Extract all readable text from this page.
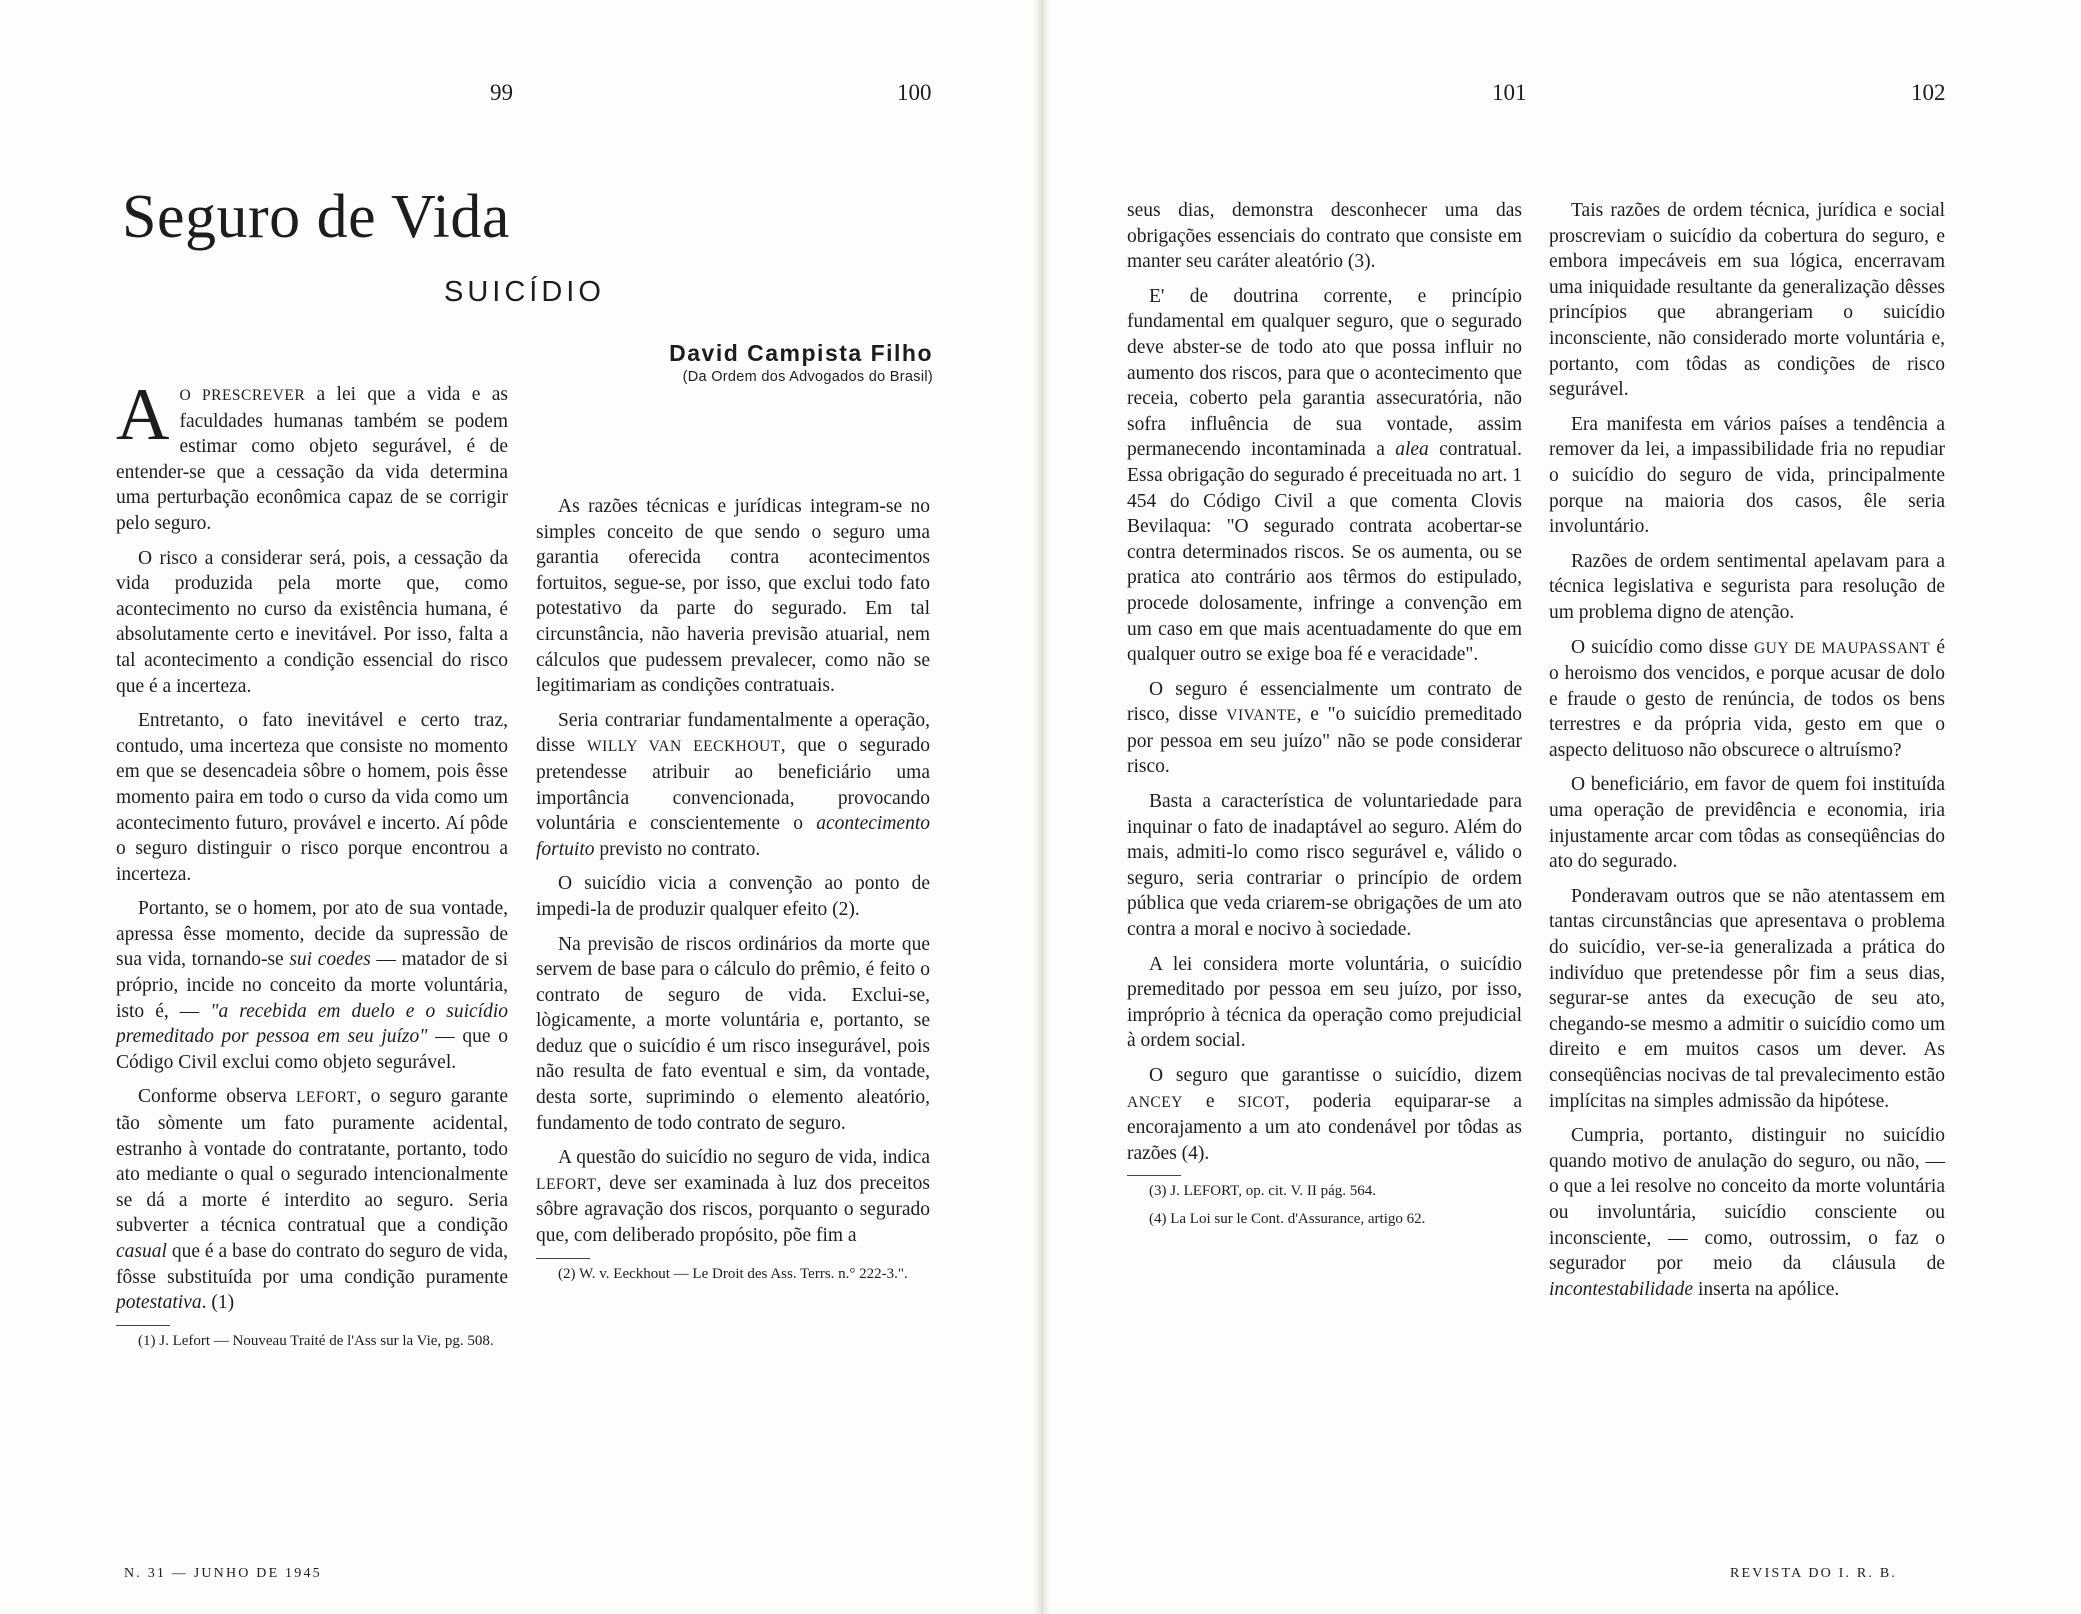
99	100	101	102
Seguro de Vida
SUICÍDIO
David Campista Filho
(Da Ordem dos Advogados do Brasil)

A O PRESCREVER a lei que a vida e as faculdades humanas também se podem estimar como objeto segurável, é de entender-se que a cessação da vida determina uma perturbação econômica capaz de se corrigir pelo seguro.

O risco a considerar será, pois, a cessação da vida produzida pela morte que, como acontecimento no curso da existência humana, é absolutamente certo e inevitável. Por isso, falta a tal acontecimento a condição essencial do risco que é a incerteza.

Entretanto, o fato inevitável e certo traz, contudo, uma incerteza que consiste no momento em que se desencadeia sôbre o homem, pois êsse momento paira em todo o curso da vida como um acontecimento futuro, provável e incerto. Aí pôde o seguro distinguir o risco porque encontrou a incerteza.

Portanto, se o homem, por ato de sua vontade, apressa êsse momento, decide da supressão de sua vida, tornando-se sui coedes — matador de si próprio, incide no conceito da morte voluntária, isto é, — "a recebida em duelo e o suicídio premeditado por pessoa em seu juízo" — que o Código Civil exclui como objeto segurável.

Conforme observa LEFORT, o seguro garante tão sòmente um fato puramente acidental, estranho à vontade do contratante, portanto, todo ato mediante o qual o segurado intencionalmente se dá a morte é interdito ao seguro. Seria subverter a técnica contratual que a condição casual que é a base do contrato do seguro de vida, fôsse substituída por uma condição puramente potestativa. (1)

(1) J. Lefort — Nouveau Traité de l'Ass sur la Vie, pg. 508.

As razões técnicas e jurídicas integram-se no simples conceito de que sendo o seguro uma garantia oferecida contra acontecimentos fortuitos, segue-se, por isso, que exclui todo fato potestativo da parte do segurado. Em tal circunstância, não haveria previsão atuarial, nem cálculos que pudessem prevalecer, como não se legitimariam as condições contratuais.

Seria contrariar fundamentalmente a operação, disse WILLY VAN EECKHOUT, que o segurado pretendesse atribuir ao beneficiário uma importância convencionada, provocando voluntária e conscientemente o acontecimento fortuito previsto no contrato.

O suicídio vicia a convenção ao ponto de impedi-la de produzir qualquer efeito (2).

Na previsão de riscos ordinários da morte que servem de base para o cálculo do prêmio, é feito o contrato de seguro de vida. Exclui-se, lògicamente, a morte voluntária e, portanto, se deduz que o suicídio é um risco insegurável, pois não resulta de fato eventual e sim, da vontade, desta sorte, suprimindo o elemento aleatório, fundamento de todo contrato de seguro.

A questão do suicídio no seguro de vida, indica LEFORT, deve ser examinada à luz dos preceitos sôbre agravação dos riscos, porquanto o segurado que, com deliberado propósito, põe fim a

(2) W. v. Eeckhout — Le Droit des Ass. Terrs. n.° 222-3.".

seus dias, demonstra desconhecer uma das obrigações essenciais do contrato que consiste em manter seu caráter aleatório (3).

E' de doutrina corrente, e princípio fundamental em qualquer seguro, que o segurado deve abster-se de todo ato que possa influir no aumento dos riscos, para que o acontecimento que receia, coberto pela garantia assecuratória, não sofra influência de sua vontade, assim permanecendo incontaminada a alea contratual. Essa obrigação do segurado é preceituada no art. 1 454 do Código Civil a que comenta Clovis Bevilaqua: "O segurado contrata acobertar-se contra determinados riscos. Se os aumenta, ou se pratica ato contrário aos têrmos do estipulado, procede dolosamente, infringe a convenção em um caso em que mais acentuadamente do que em qualquer outro se exige boa fé e veracidade".

O seguro é essencialmente um contrato de risco, disse VIVANTE, e "o suicídio premeditado por pessoa em seu juízo" não se pode considerar risco.

Basta a característica de voluntariedade para inquinar o fato de inadaptável ao seguro. Além do mais, admiti-lo como risco segurável e, válido o seguro, seria contrariar o princípio de ordem pública que veda criarem-se obrigações de um ato contra a moral e nocivo à sociedade.

A lei considera morte voluntária, o suicídio premeditado por pessoa em seu juízo, por isso, impróprio à técnica da operação como prejudicial à ordem social.

O seguro que garantisse o suicídio, dizem ANCEY e SICOT, poderia equiparar-se a encorajamento a um ato condenável por tôdas as razões (4).

(3) J. LEFORT, op. cit. V. II pág. 564.

(4) La Loi sur le Cont. d'Assurance, artigo 62.

Tais razões de ordem técnica, jurídica e social proscreviam o suicídio da cobertura do seguro, e embora impecáveis em sua lógica, encerravam uma iniquidade resultante da generalização dêsses princípios que abrangeriam o suicídio inconsciente, não considerado morte voluntária e, portanto, com tôdas as condições de risco segurável.

Era manifesta em vários países a tendência a remover da lei, a impassibilidade fria no repudiar o suicídio do seguro de vida, principalmente porque na maioria dos casos, êle seria involuntário.

Razões de ordem sentimental apelavam para a técnica legislativa e segurista para resolução de um problema digno de atenção.

O suicídio como disse GUY DE MAUPASSANT é o heroismo dos vencidos, e porque acusar de dolo e fraude o gesto de renúncia, de todos os bens terrestres e da própria vida, gesto em que o aspecto delituoso não obscurece o altruísmo?

O beneficiário, em favor de quem foi instituída uma operação de previdência e economia, iria injustamente arcar com tôdas as conseqüências do ato do segurado.

Ponderavam outros que se não atentassem em tantas circunstâncias que apresentava o problema do suicídio, ver-se-ia generalizada a prática do indivíduo que pretendesse pôr fim a seus dias, segurar-se antes da execução de seu ato, chegando-se mesmo a admitir o suicídio como um direito e em muitos casos um dever. As conseqüências nocivas de tal prevalecimento estão implícitas na simples admissão da hipótese.

Cumpria, portanto, distinguir no suicídio quando motivo de anulação do seguro, ou não, — o que a lei resolve no conceito da morte voluntária ou involuntária, suicídio consciente ou inconsciente, — como, outrossim, o faz o segurador por meio da cláusula de incontestabilidade inserta na apólice.

N. 31 — JUNHO DE 1945	REVISTA DO I. R. B.
